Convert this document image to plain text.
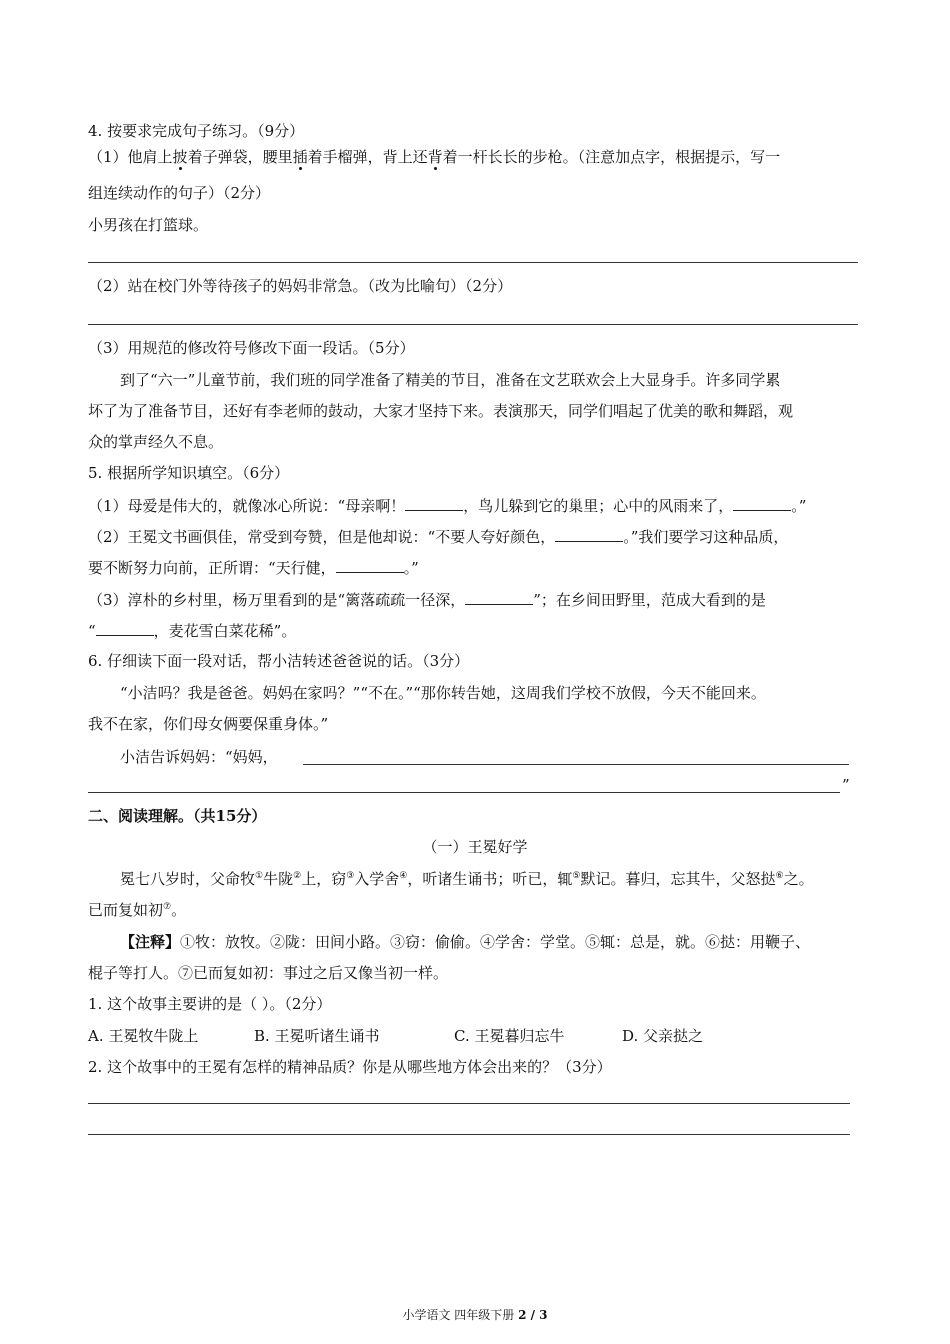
4. 按要求完成句子练习。（9分）
（1）他肩上披着子弹袋，腰里插着手榴弹，背上还背着一杆长长的步枪。（注意加点字，根据提示，写一
组连续动作的句子）（2分）
小男孩在打篮球。
（2）站在校门外等待孩子的妈妈非常急。（改为比喻句）（2分）
（3）用规范的修改符号修改下面一段话。（5分）
到了“六一”儿童节前，我们班的同学准备了精美的节目，准备在文艺联欢会上大显身手。许多同学累
坏了为了准备节目，还好有李老师的鼓动，大家才坚持下来。表演那天，同学们唱起了优美的歌和舞蹈，观
众的掌声经久不息。
5. 根据所学知识填空。（6分）
（1）母爱是伟大的，就像冰心所说：“母亲啊！	，鸟儿躲到它的巢里；心中的风雨来了，	。”
（2）王冕文书画俱佳，常受到夸赞，但是他却说：“不要人夸好颜色，	。”我们要学习这种品质，
要不断努力向前，正所谓：“天行健，	。”
（3）淳朴的乡村里，杨万里看到的是“篱落疏疏一径深，	”；在乡间田野里，范成大看到的是
“	，麦花雪白菜花稀”。
6. 仔细读下面一段对话，帮小洁转述爸爸说的话。（3分）
“小洁吗？我是爸爸。妈妈在家吗？”“不在。”“那你转告她，这周我们学校不放假，今天不能回来。
我不在家，你们母女俩要保重身体。”
小洁告诉妈妈：“妈妈，
”
二、阅读理解。（共15分）
（一）王冕好学
冕七八岁时，父命牧①牛陇②上，窃③入学舍④，听诸生诵书；听已，辄⑤默记。暮归，忘其牛，父怒挞⑥之。
已而复如初⑦。
【注释】①牧：放牧。②陇：田间小路。③窃：偷偷。④学舍：学堂。⑤辄：总是，就。⑥挞：用鞭子、
棍子等打人。⑦已而复如初：事过之后又像当初一样。
1. 这个故事主要讲的是（ ）。（2分）
A. 王冕牧牛陇上	B. 王冕听诸生诵书	C. 王冕暮归忘牛	D. 父亲挞之
2. 这个故事中的王冕有怎样的精神品质？你是从哪些地方体会出来的？（3分）
小学语文 四年级下册 2 / 3
